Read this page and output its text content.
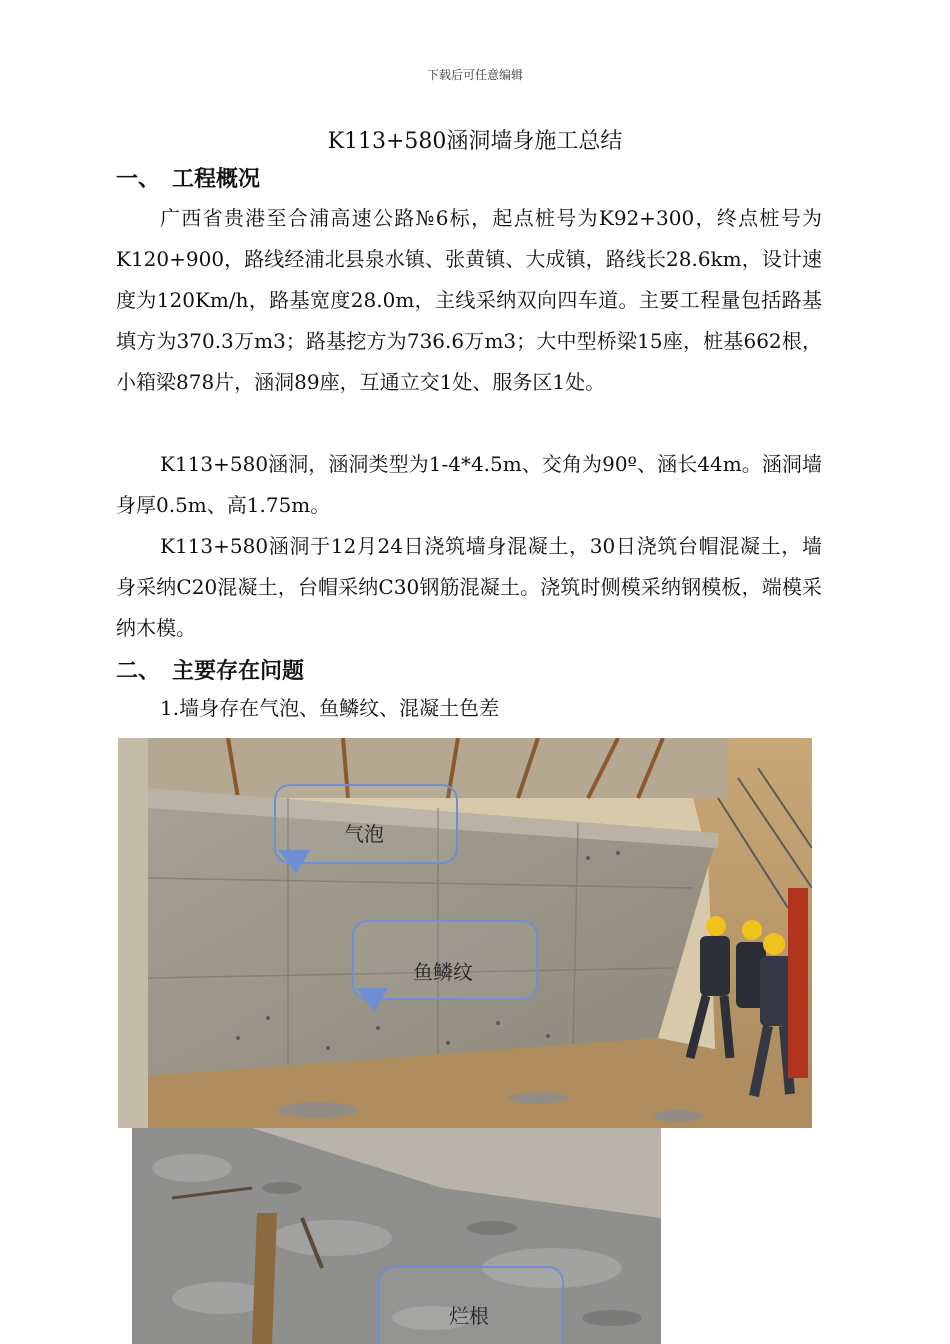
下载后可任意编辑
K113+580涵洞墙身施工总结
一、 工程概况
广西省贵港至合浦高速公路№6标，起点桩号为K92+300，终点桩号为K120+900，路线经浦北县泉水镇、张黄镇、大成镇，路线长28.6km，设计速度为120Km/h，路基宽度28.0m，主线采纳双向四车道。主要工程量包括路基填方为370.3万m3；路基挖方为736.6万m3；大中型桥梁15座，桩基662根，小箱梁878片，涵洞89座，互通立交1处、服务区1处。
K113+580涵洞，涵洞类型为1-4*4.5m、交角为90º、涵长44m。涵洞墙身厚0.5m、高1.75m。
K113+580涵洞于12月24日浇筑墙身混凝土，30日浇筑台帽混凝土，墙身采纳C20混凝土，台帽采纳C30钢筋混凝土。浇筑时侧模采纳钢模板，端模采纳木模。
二、 主要存在问题
1.墙身存在气泡、鱼鳞纹、混凝土色差
气泡
鱼鳞纹
烂根
